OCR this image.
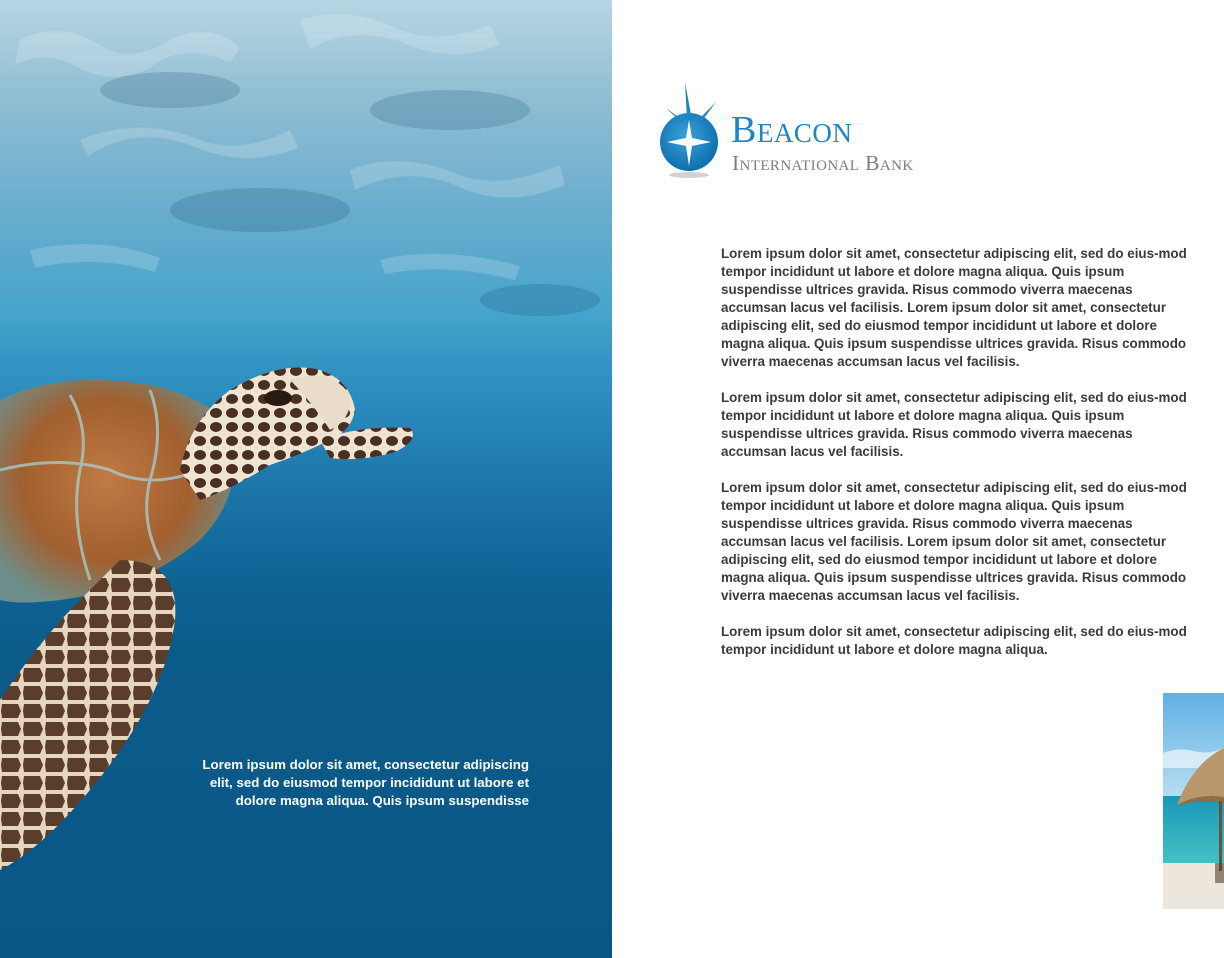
Lorem ipsum dolor sit amet, consectetur adipiscing elit, sed do eiusmod tempor incididunt ut labore et dolore magna aliqua. Quis ipsum suspendisse

Beacon

International Bank

Lorem ipsum dolor sit amet, consectetur adipiscing elit, sed do eius-mod tempor incididunt ut labore et dolore magna aliqua. Quis ipsum suspendisse ultrices gravida. Risus commodo viverra maecenas accumsan lacus vel facilisis. Lorem ipsum dolor sit amet, consectetur adipiscing elit, sed do eiusmod tempor incididunt ut labore et dolore magna aliqua. Quis ipsum suspendisse ultrices gravida. Risus commodo viverra maecenas accumsan lacus vel facilisis.

Lorem ipsum dolor sit amet, consectetur adipiscing elit, sed do eius-mod tempor incididunt ut labore et dolore magna aliqua. Quis ipsum suspendisse ultrices gravida. Risus commodo viverra maecenas accumsan lacus vel facilisis.

Lorem ipsum dolor sit amet, consectetur adipiscing elit, sed do eius-mod tempor incididunt ut labore et dolore magna aliqua. Quis ipsum suspendisse ultrices gravida. Risus commodo viverra maecenas accumsan lacus vel facilisis. Lorem ipsum dolor sit amet, consectetur adipiscing elit, sed do eiusmod tempor incididunt ut labore et dolore magna aliqua. Quis ipsum suspendisse ultrices gravida. Risus commodo viverra maecenas accumsan lacus vel facilisis.

Lorem ipsum dolor sit amet, consectetur adipiscing elit, sed do eius-mod tempor incididunt ut labore et dolore magna aliqua.
